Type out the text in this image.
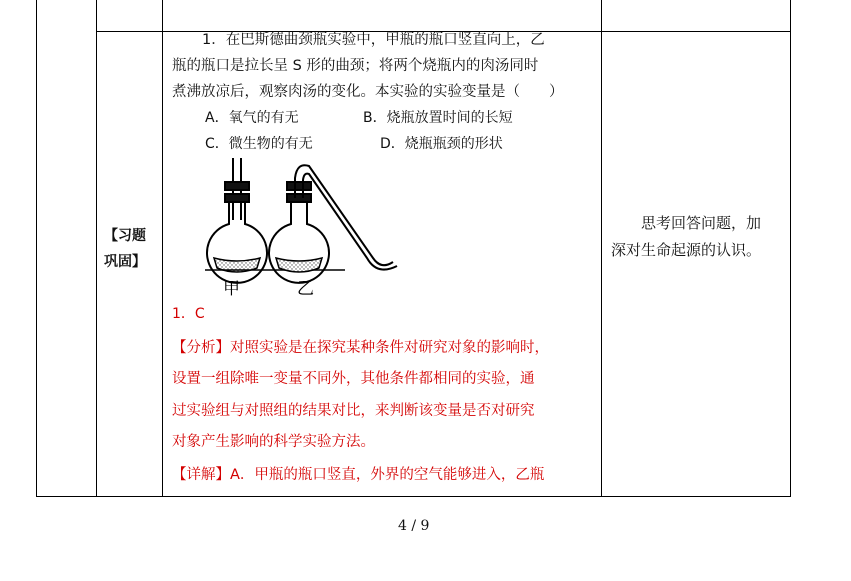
【习题
巩固】
1．在巴斯德曲颈瓶实验中，甲瓶的瓶口竖直向上，乙
瓶的瓶口是拉长呈 S 形的曲颈；将两个烧瓶内的肉汤同时
煮沸放凉后，观察肉汤的变化。本实验的实验变量是（　　）
A．氧气的有无	B．烧瓶放置时间的长短
C．微生物的有无	D．烧瓶瓶颈的形状
甲	乙
1．C
【分析】对照实验是在探究某种条件对研究对象的影响时，
设置一组除唯一变量不同外，其他条件都相同的实验，通
过实验组与对照组的结果对比，来判断该变量是否对研究
对象产生影响的科学实验方法。
【详解】A．甲瓶的瓶口竖直，外界的空气能够进入，乙瓶
思考回答问题，加
深对生命起源的认识。
4 / 9
